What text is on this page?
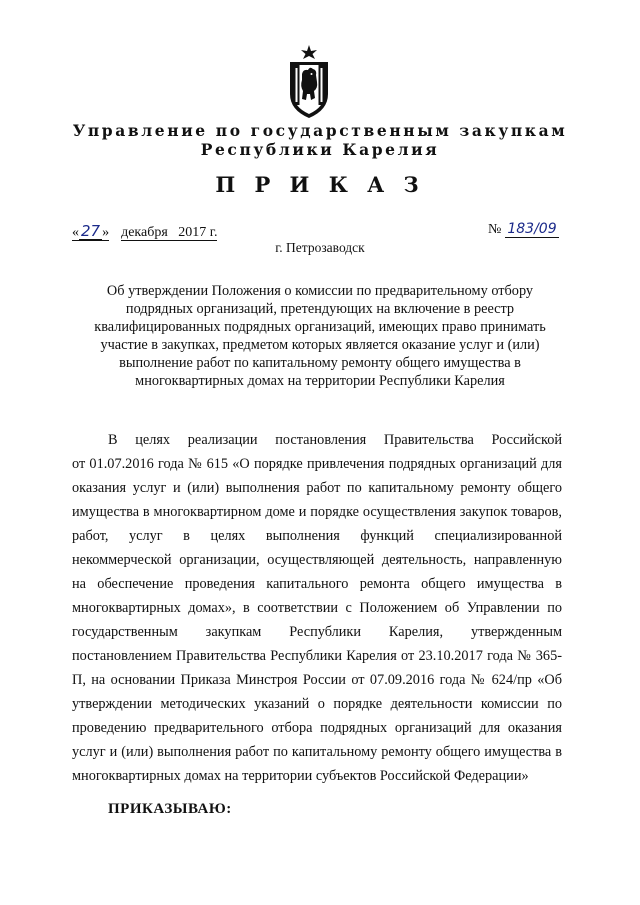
Управление по государственным закупкам
Республики Карелия
П Р И К А З
« 27 » декабря 2017 г.	№ 183/09
г. Петрозаводск
Об утверждении Положения о комиссии по предварительному отбору
подрядных организаций, претендующих на включение в реестр
квалифицированных подрядных организаций, имеющих право принимать
участие в закупках, предметом которых является оказание услуг и (или)
выполнение работ по капитальному ремонту общего имущества в
многоквартирных домах на территории Республики Карелия
В целях реализации постановления Правительства Российской
от 01.07.2016 года № 615 «О порядке привлечения подрядных организаций для
оказания услуг и (или) выполнения работ по капитальному ремонту общего
имущества в многоквартирном доме и порядке осуществления закупок товаров,
работ, услуг в целях выполнения функций специализированной
некоммерческой организации, осуществляющей деятельность, направленную
на обеспечение проведения капитального ремонта общего имущества в
многоквартирных домах», в соответствии с Положением об Управлении по
государственным закупкам Республики Карелия, утвержденным
постановлением Правительства Республики Карелия от 23.10.2017 года № 365-
П, на основании Приказа Минстроя России от 07.09.2016 года № 624/пр «Об
утверждении методических указаний о порядке деятельности комиссии по
проведению предварительного отбора подрядных организаций для оказания
услуг и (или) выполнения работ по капитальному ремонту общего имущества в
многоквартирных домах на территории субъектов Российской Федерации»
ПРИКАЗЫВАЮ:
